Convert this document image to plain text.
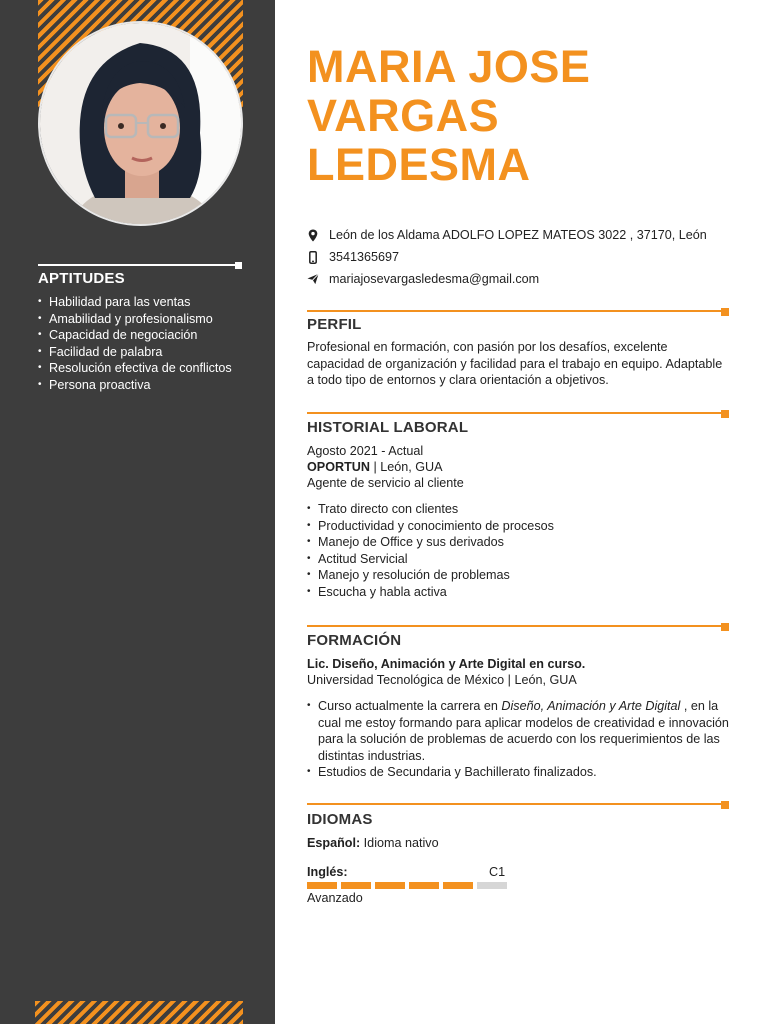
APTITUDES
• Habilidad para las ventas
• Amabilidad y profesionalismo
• Capacidad de negociación
• Facilidad de palabra
• Resolución efectiva de conflictos
• Persona proactiva
MARIA JOSE
VARGAS
LEDESMA
León de los Aldama ADOLFO LOPEZ MATEOS 3022 , 37170, León
3541365697
mariajosevargasledesma@gmail.com
PERFIL
Profesional en formación, con pasión por los desafíos, excelente capacidad de organización y facilidad para el trabajo en equipo. Adaptable a todo tipo de entornos y clara orientación a objetivos.
HISTORIAL LABORAL
Agosto 2021 - Actual
OPORTUN | León, GUA
Agente de servicio al cliente
• Trato directo con clientes
• Productividad y conocimiento de procesos
• Manejo de Office y sus derivados
• Actitud Servicial
• Manejo y resolución de problemas
• Escucha y habla activa
FORMACIÓN
Lic. Diseño, Animación y Arte Digital en curso.
Universidad Tecnológica de México | León, GUA
• Curso actualmente la carrera en Diseño, Animación y Arte Digital , en la cual me estoy formando para aplicar modelos de creatividad e innovación para la solución de problemas de acuerdo con los requerimientos de las distintas industrias.
• Estudios de Secundaria y Bachillerato finalizados.
IDIOMAS
Español: Idioma nativo
Inglés:	C1
Avanzado
